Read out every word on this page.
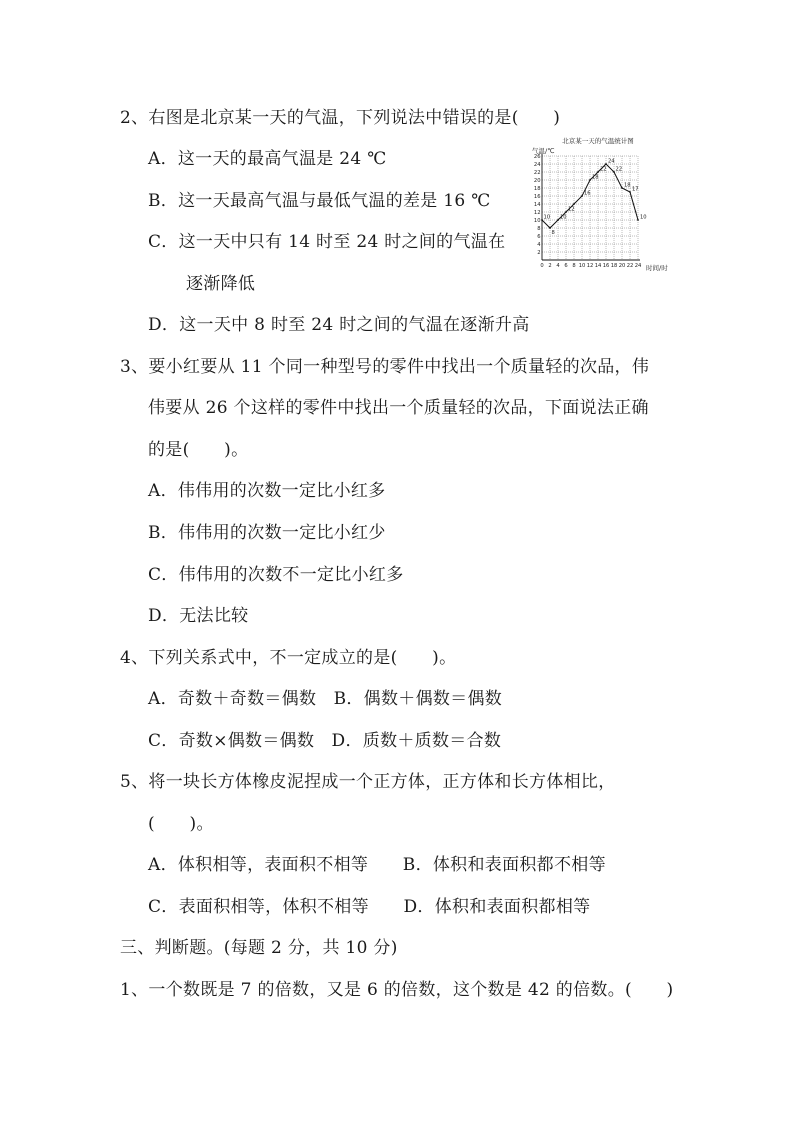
2、右图是北京某一天的气温，下列说法中错误的是(　　)
A．这一天的最高气温是 24 ℃
B．这一天最高气温与最低气温的差是 16 ℃
C．这一天中只有 14 时至 24 时之间的气温在
逐渐降低
D．这一天中 8 时至 24 时之间的气温在逐渐升高
北京某一天的气温统计图
气温/℃
时间/时
2
4
6
8
10
12
14
16
18
20
22
24
26
0 2 4 6 8 10 12 14 16 18 20 22 24
10
8
10
12
16
18
22
24
22
18
17
10
3、要小红要从 11 个同一种型号的零件中找出一个质量轻的次品，伟
伟要从 26 个这样的零件中找出一个质量轻的次品，下面说法正确
的是(　　)。
A．伟伟用的次数一定比小红多
B．伟伟用的次数一定比小红少
C．伟伟用的次数不一定比小红多
D．无法比较
4、下列关系式中，不一定成立的是(　　)。
A．奇数＋奇数＝偶数　B．偶数＋偶数＝偶数
C．奇数×偶数＝偶数　D．质数＋质数＝合数
5、将一块长方体橡皮泥捏成一个正方体，正方体和长方体相比，
(　　)。
A．体积相等，表面积不相等　　B．体积和表面积都不相等
C．表面积相等，体积不相等　　D．体积和表面积都相等
三、判断题。(每题 2 分，共 10 分)
1、一个数既是 7 的倍数，又是 6 的倍数，这个数是 42 的倍数。(　　)
